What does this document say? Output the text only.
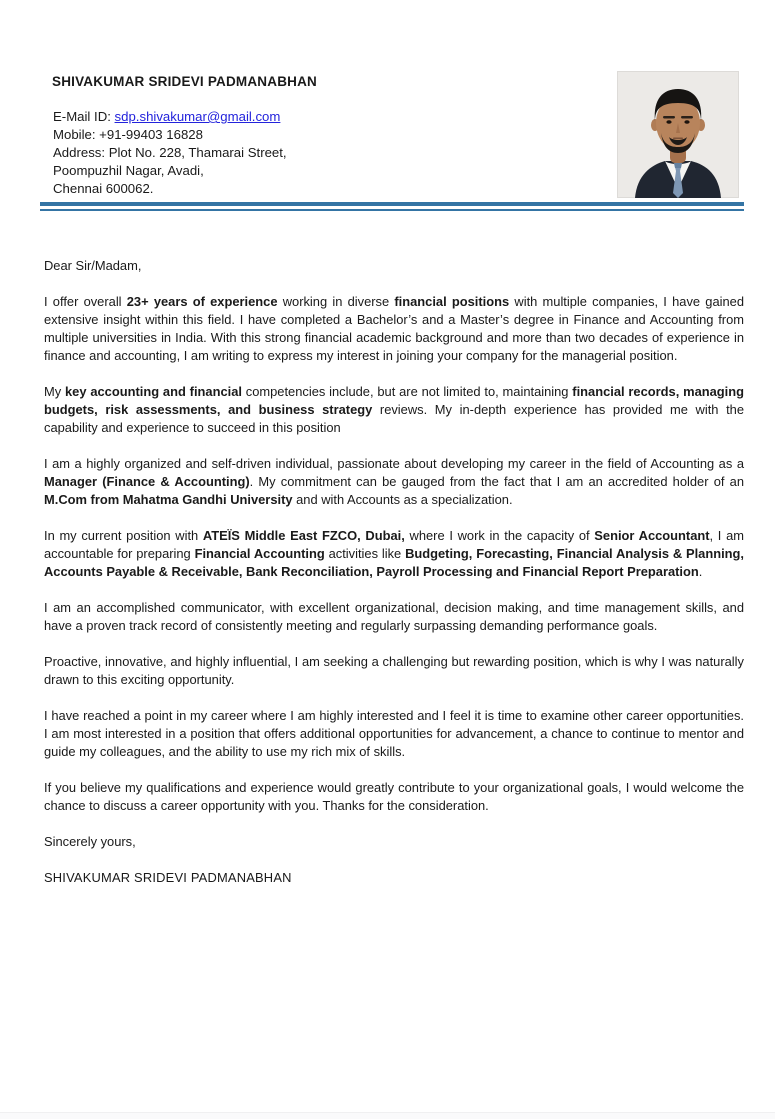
SHIVAKUMAR SRIDEVI PADMANABHAN
E-Mail ID: sdp.shivakumar@gmail.com
Mobile: +91-99403 16828
Address: Plot No. 228, Thamarai Street,
Poompuzhil Nagar, Avadi,
Chennai 600062.

Dear Sir/Madam,

I offer overall 23+ years of experience working in diverse financial positions with multiple companies, I have gained extensive insight within this field. I have completed a Bachelor’s and a Master’s degree in Finance and Accounting from multiple universities in India. With this strong financial academic background and more than two decades of experience in finance and accounting, I am writing to express my interest in joining your company for the managerial position.

My key accounting and financial competencies include, but are not limited to, maintaining financial records, managing budgets, risk assessments, and business strategy reviews. My in-depth experience has provided me with the capability and experience to succeed in this position

I am a highly organized and self-driven individual, passionate about developing my career in the field of Accounting as a Manager (Finance & Accounting). My commitment can be gauged from the fact that I am an accredited holder of an M.Com from Mahatma Gandhi University and with Accounts as a specialization.

In my current position with ATEÏS Middle East FZCO, Dubai, where I work in the capacity of Senior Accountant, I am accountable for preparing Financial Accounting activities like Budgeting, Forecasting, Financial Analysis & Planning, Accounts Payable & Receivable, Bank Reconciliation, Payroll Processing and Financial Report Preparation.

I am an accomplished communicator, with excellent organizational, decision making, and time management skills, and have a proven track record of consistently meeting and regularly surpassing demanding performance goals.

Proactive, innovative, and highly influential, I am seeking a challenging but rewarding position, which is why I was naturally drawn to this exciting opportunity.

I have reached a point in my career where I am highly interested and I feel it is time to examine other career opportunities. I am most interested in a position that offers additional opportunities for advancement, a chance to continue to mentor and guide my colleagues, and the ability to use my rich mix of skills.

If you believe my qualifications and experience would greatly contribute to your organizational goals, I would welcome the chance to discuss a career opportunity with you. Thanks for the consideration.

Sincerely yours,

SHIVAKUMAR SRIDEVI PADMANABHAN
